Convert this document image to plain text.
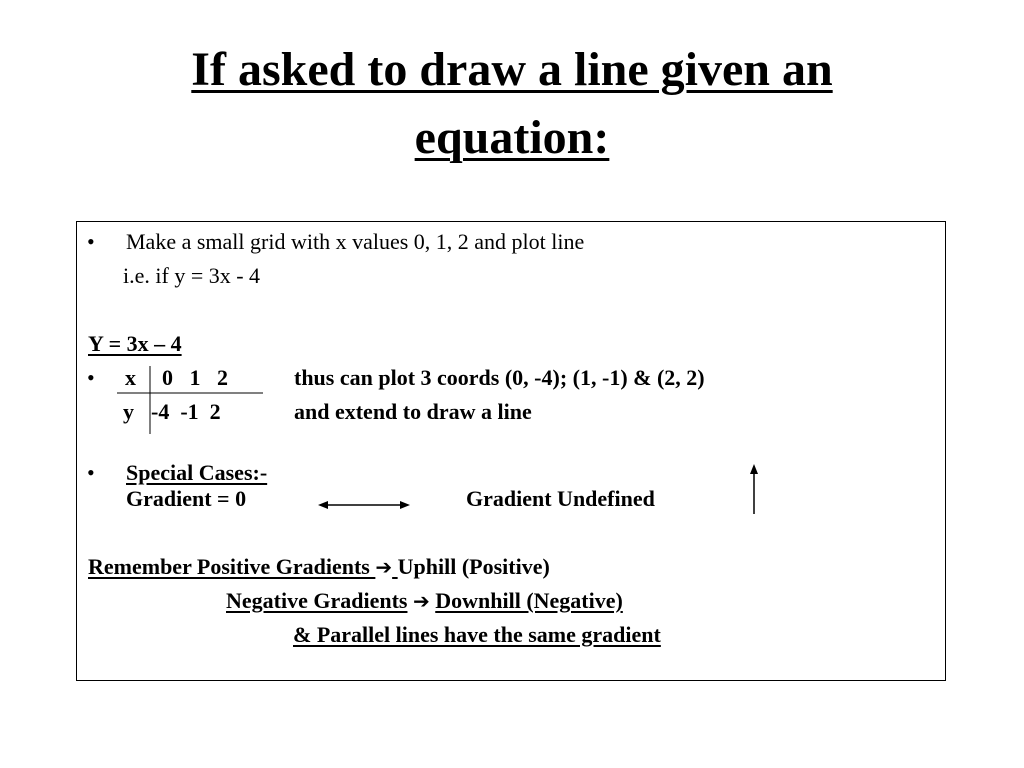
If asked to draw a line given an
equation:
• Make a small grid with x values 0, 1, 2 and plot line
i.e. if y = 3x - 4
Y = 3x – 4
• x 0   1   2
y -4  -1  2
thus can plot 3 coords (0, -4); (1, -1) & (2, 2)
and extend to draw a line
• Special Cases:-
Gradient = 0	Gradient Undefined
Remember Positive Gradients ➔ Uphill (Positive)
Negative Gradients ➔ Downhill (Negative)
& Parallel lines have the same gradient
